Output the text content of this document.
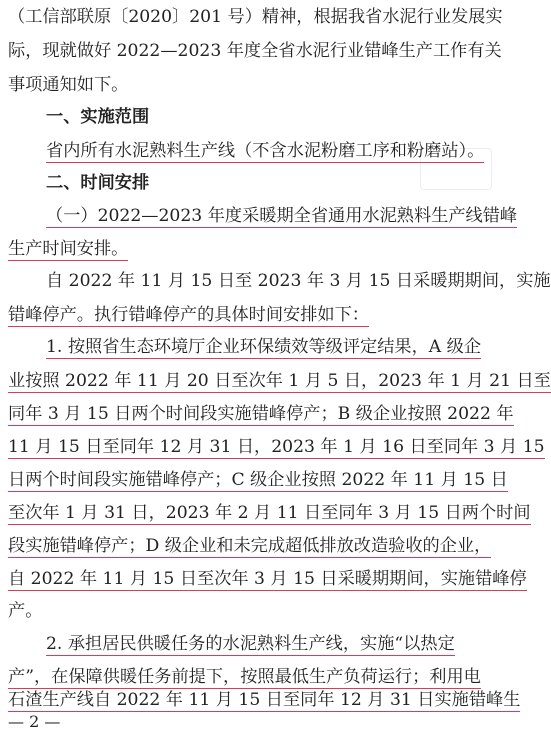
（工信部联原〔2020〕201 号）精神，根据我省水泥行业发展实
际，现就做好 2022—2023 年度全省水泥行业错峰生产工作有关
事项通知如下。
一、实施范围
省内所有水泥熟料生产线（不含水泥粉磨工序和粉磨站）。
二、时间安排
（一）2022—2023 年度采暖期全省通用水泥熟料生产线错峰
生产时间安排。
自 2022 年 11 月 15 日至 2023 年 3 月 15 日采暖期期间，实施
错峰停产。执行错峰停产的具体时间安排如下：
1. 按照省生态环境厅企业环保绩效等级评定结果，A 级企
业按照 2022 年 11 月 20 日至次年 1 月 5 日，2023 年 1 月 21 日至
同年 3 月 15 日两个时间段实施错峰停产；B 级企业按照 2022 年
11 月 15 日至同年 12 月 31 日，2023 年 1 月 16 日至同年 3 月 15
日两个时间段实施错峰停产；C 级企业按照 2022 年 11 月 15 日
至次年 1 月 31 日，2023 年 2 月 11 日至同年 3 月 15 日两个时间
段实施错峰停产；D 级企业和未完成超低排放改造验收的企业，
自 2022 年 11 月 15 日至次年 3 月 15 日采暖期期间，实施错峰停
产。
2. 承担居民供暖任务的水泥熟料生产线，实施“以热定
产”，在保障供暖任务前提下，按照最低生产负荷运行；利用电
石渣生产线自 2022 年 11 月 15 日至同年 12 月 31 日实施错峰生
— 2 —
